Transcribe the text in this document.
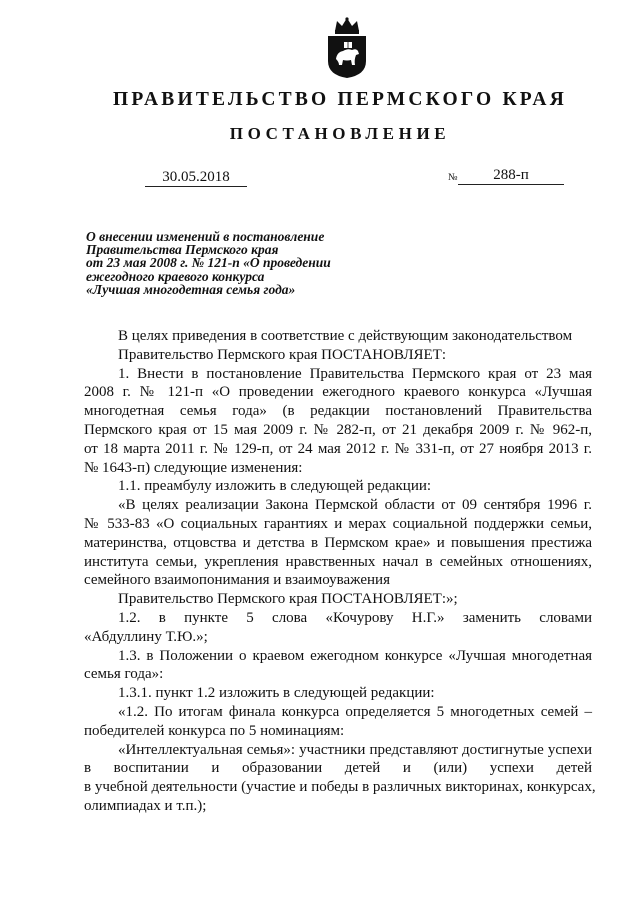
ПРАВИТЕЛЬСТВО ПЕРМСКОГО КРАЯ
ПОСТАНОВЛЕНИЕ
30.05.2018	№	288-п
О внесении изменений в постановление
Правительства Пермского края
от 23 мая 2008 г. № 121-п «О проведении
ежегодного краевого конкурса
«Лучшая многодетная семья года»
В целях приведения в соответствие с действующим законодательством
Правительство Пермского края ПОСТАНОВЛЯЕТ:
1. Внести в постановление Правительства Пермского края от 23 мая
2008 г. № 121-п «О проведении ежегодного краевого конкурса «Лучшая
многодетная семья года» (в редакции постановлений Правительства
Пермского края от 15 мая 2009 г. № 282-п, от 21 декабря 2009 г. № 962-п,
от 18 марта 2011 г. № 129-п, от 24 мая 2012 г. № 331-п, от 27 ноября 2013 г.
№ 1643-п) следующие изменения:
1.1. преамбулу изложить в следующей редакции:
«В целях реализации Закона Пермской области от 09 сентября 1996 г.
№ 533-83 «О социальных гарантиях и мерах социальной поддержки семьи,
материнства, отцовства и детства в Пермском крае» и повышения престижа
института семьи, укрепления нравственных начал в семейных отношениях,
семейного взаимопонимания и взаимоуважения
Правительство Пермского края ПОСТАНОВЛЯЕТ:»;
1.2. в пункте 5 слова «Кочурову Н.Г.» заменить словами
«Абдуллину Т.Ю.»;
1.3. в Положении о краевом ежегодном конкурсе «Лучшая многодетная
семья года»:
1.3.1. пункт 1.2 изложить в следующей редакции:
«1.2. По итогам финала конкурса определяется 5 многодетных семей –
победителей конкурса по 5 номинациям:
«Интеллектуальная семья»: участники представляют достигнутые успехи
в воспитании и образовании детей и (или) успехи детей
в учебной деятельности (участие и победы в различных викторинах, конкурсах,
олимпиадах и т.п.);
